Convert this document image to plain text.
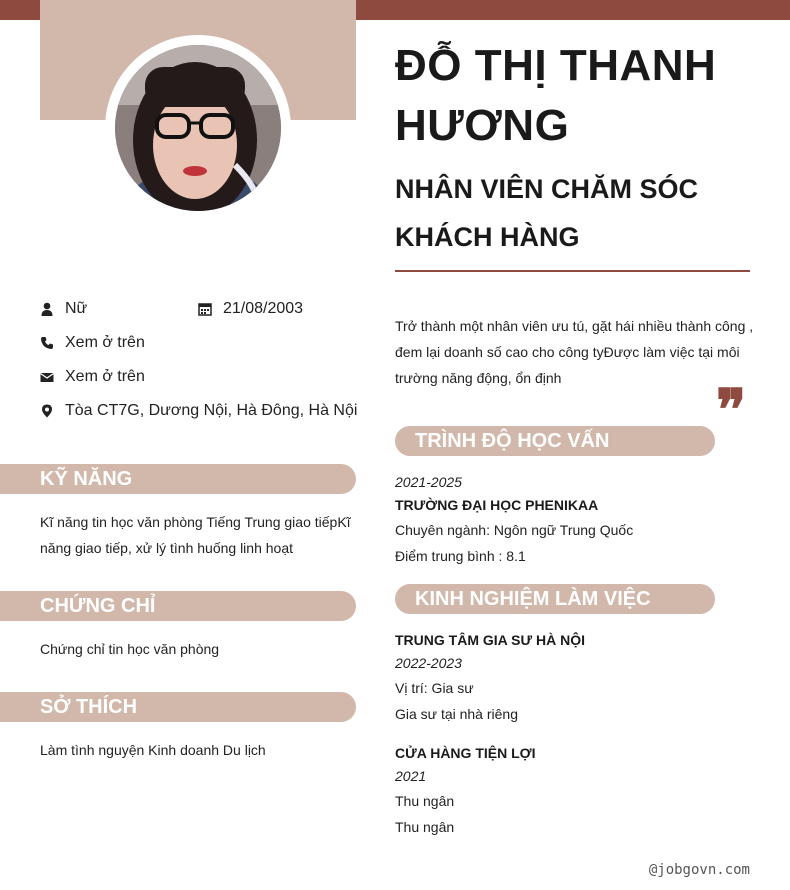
ĐỖ THỊ THANH HƯƠNG
NHÂN VIÊN CHĂM SÓC KHÁCH HÀNG
Nữ	21/08/2003
Xem ở trên
Xem ở trên
Tòa CT7G, Dương Nội, Hà Đông, Hà Nội
KỸ NĂNG
Kĩ năng tin học văn phòng Tiếng Trung giao tiếpKĩ năng giao tiếp, xử lý tình huống linh hoạt
CHỨNG CHỈ
Chứng chỉ tin học văn phòng
SỞ THÍCH
Làm tình nguyện Kinh doanh Du lịch
Trở thành một nhân viên ưu tú, gặt hái nhiều thành công , đem lại doanh số cao cho công tyĐược làm việc tại môi trường năng động, ổn định	❞
TRÌNH ĐỘ HỌC VẤN
2021-2025
TRƯỜNG ĐẠI HỌC PHENIKAA
Chuyên ngành: Ngôn ngữ Trung Quốc
Điểm trung bình : 8.1
KINH NGHIỆM LÀM VIỆC
TRUNG TÂM GIA SƯ HÀ NỘI
2022-2023
Vị trí: Gia sư
Gia sư tại nhà riêng
CỬA HÀNG TIỆN LỢI
2021
Thu ngân
Thu ngân
@jobgovn.com
